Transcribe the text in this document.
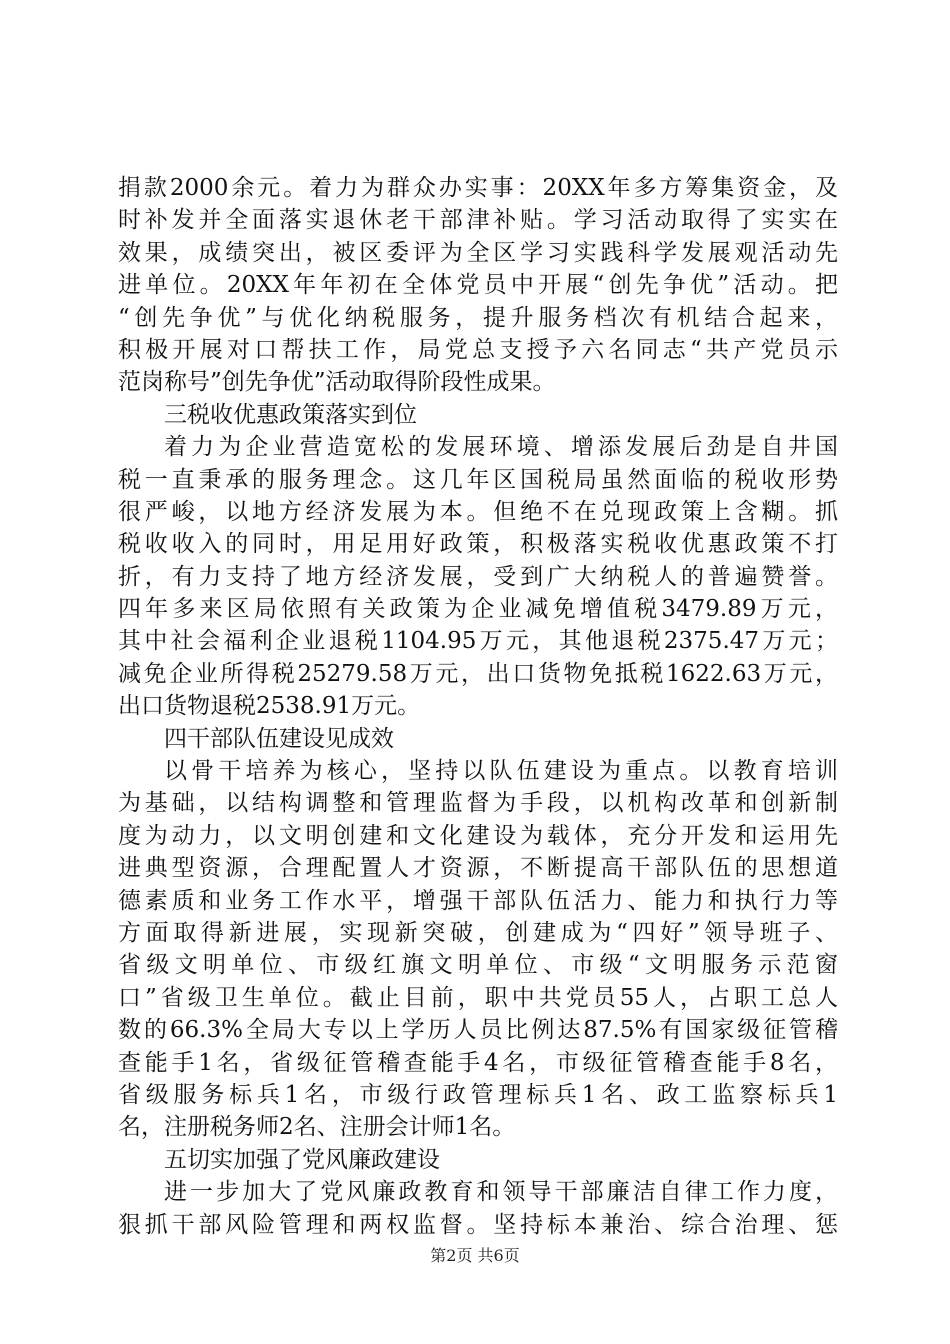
捐款2000余元。着力为群众办实事：20XX年多方筹集资金，及
时补发并全面落实退休老干部津补贴。学习活动取得了实实在
效果，成绩突出，被区委评为全区学习实践科学发展观活动先
进单位。20XX年年初在全体党员中开展“创先争优”活动。把
“创先争优”与优化纳税服务，提升服务档次有机结合起来，
积极开展对口帮扶工作，局党总支授予六名同志“共产党员示
范岗称号”创先争优”活动取得阶段性成果。
三税收优惠政策落实到位
着力为企业营造宽松的发展环境、增添发展后劲是自井国
税一直秉承的服务理念。这几年区国税局虽然面临的税收形势
很严峻，以地方经济发展为本。但绝不在兑现政策上含糊。抓
税收收入的同时，用足用好政策，积极落实税收优惠政策不打
折，有力支持了地方经济发展，受到广大纳税人的普遍赞誉。
四年多来区局依照有关政策为企业减免增值税3479.89万元，
其中社会福利企业退税1104.95万元，其他退税2375.47万元；
减免企业所得税25279.58万元，出口货物免抵税1622.63万元，
出口货物退税2538.91万元。
四干部队伍建设见成效
以骨干培养为核心，坚持以队伍建设为重点。以教育培训
为基础，以结构调整和管理监督为手段，以机构改革和创新制
度为动力，以文明创建和文化建设为载体，充分开发和运用先
进典型资源，合理配置人才资源，不断提高干部队伍的思想道
德素质和业务工作水平，增强干部队伍活力、能力和执行力等
方面取得新进展，实现新突破，创建成为“四好”领导班子、
省级文明单位、市级红旗文明单位、市级“文明服务示范窗
口”省级卫生单位。截止目前，职中共党员55人，占职工总人
数的66.3%全局大专以上学历人员比例达87.5%有国家级征管稽
查能手1名，省级征管稽查能手4名，市级征管稽查能手8名，
省级服务标兵1名，市级行政管理标兵1名、政工监察标兵1
名，注册税务师2名、注册会计师1名。
五切实加强了党风廉政建设
进一步加大了党风廉政教育和领导干部廉洁自律工作力度，
狠抓干部风险管理和两权监督。坚持标本兼治、综合治理、惩
第2页 共6页
